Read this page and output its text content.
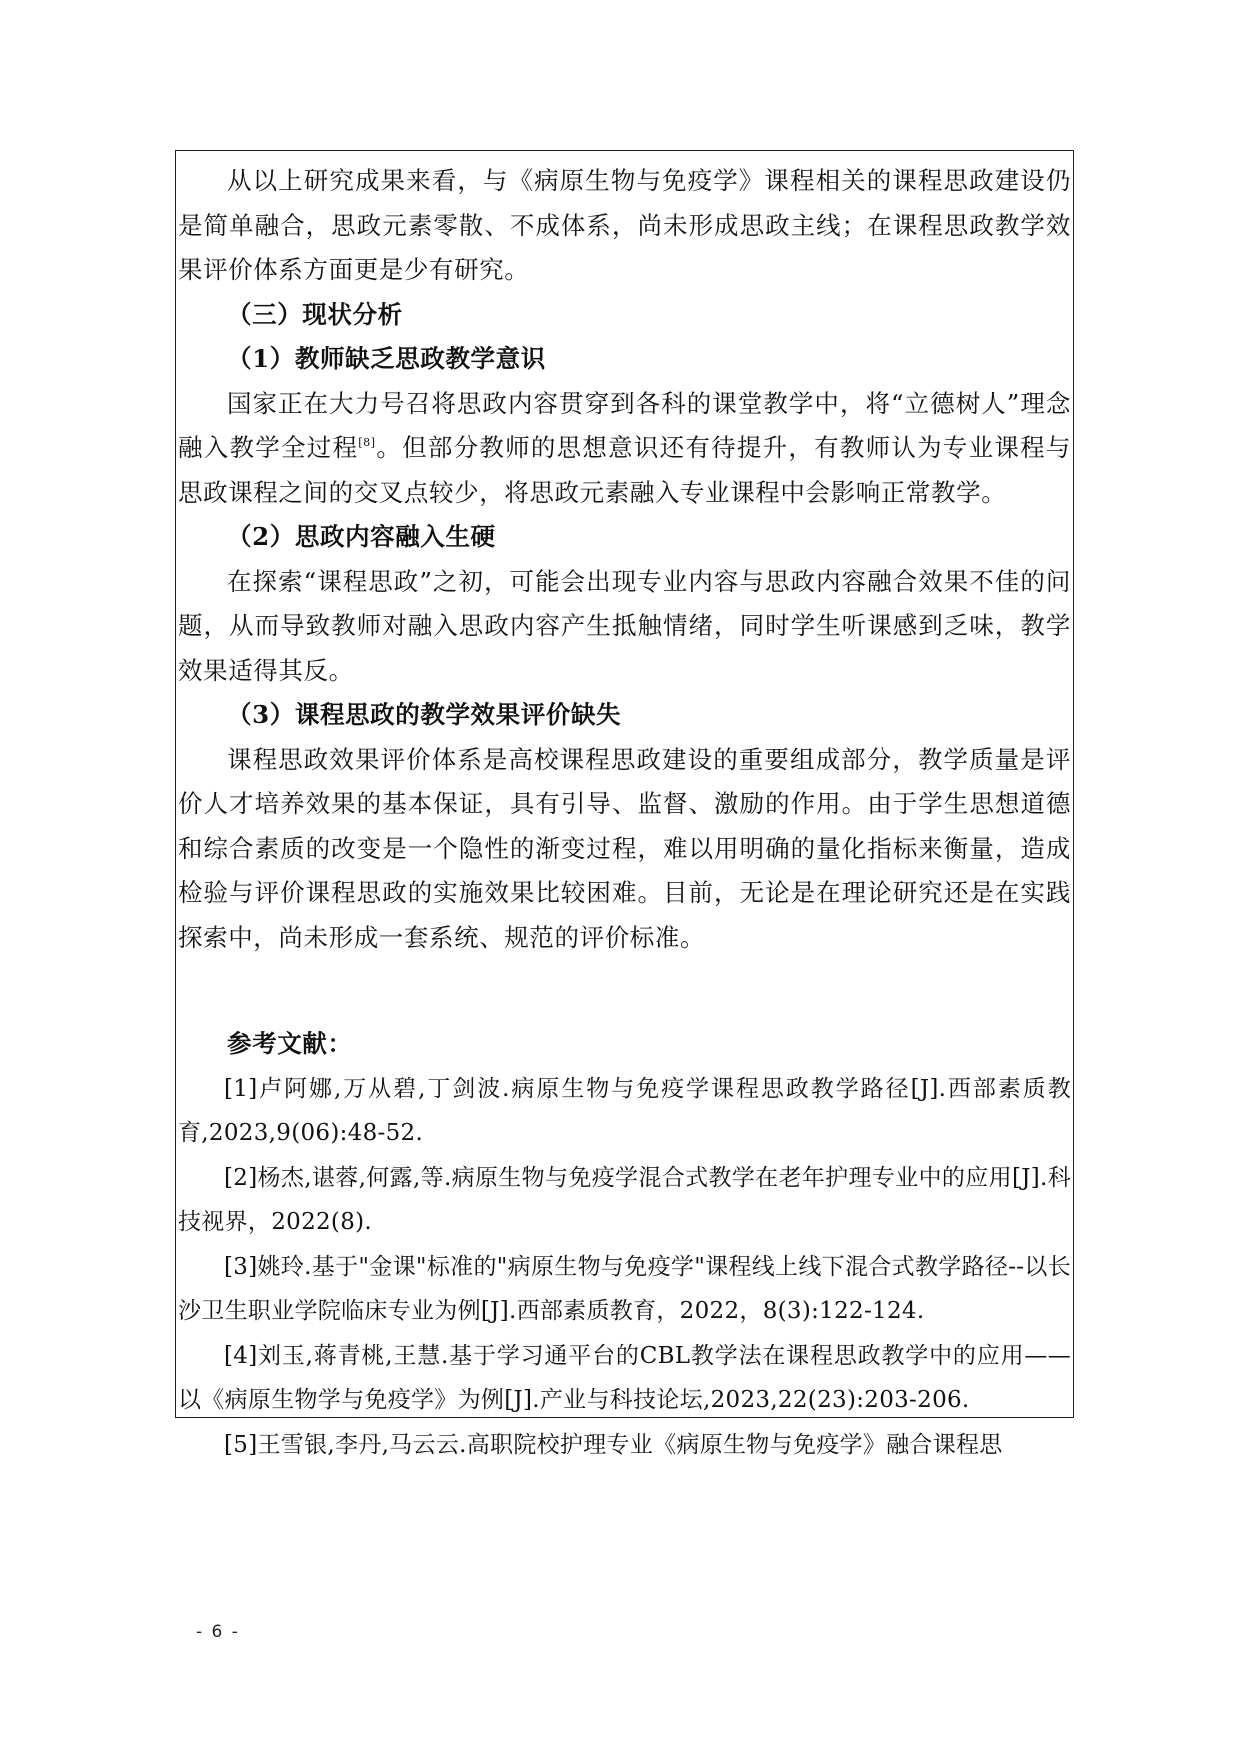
从以上研究成果来看，与《病原生物与免疫学》课程相关的课程思政建设仍是简单融合，思政元素零散、不成体系，尚未形成思政主线；在课程思政教学效果评价体系方面更是少有研究。

（三）现状分析

（1）教师缺乏思政教学意识

国家正在大力号召将思政内容贯穿到各科的课堂教学中，将“立德树人”理念融入教学全过程[8]。但部分教师的思想意识还有待提升，有教师认为专业课程与思政课程之间的交叉点较少，将思政元素融入专业课程中会影响正常教学。

（2）思政内容融入生硬

在探索“课程思政”之初，可能会出现专业内容与思政内容融合效果不佳的问题，从而导致教师对融入思政内容产生抵触情绪，同时学生听课感到乏味，教学效果适得其反。

（3）课程思政的教学效果评价缺失

课程思政效果评价体系是高校课程思政建设的重要组成部分，教学质量是评价人才培养效果的基本保证，具有引导、监督、激励的作用。由于学生思想道德和综合素质的改变是一个隐性的渐变过程，难以用明确的量化指标来衡量，造成检验与评价课程思政的实施效果比较困难。目前，无论是在理论研究还是在实践探索中，尚未形成一套系统、规范的评价标准。

参考文献：

[1]卢阿娜,万从碧,丁剑波.病原生物与免疫学课程思政教学路径[J].西部素质教育,2023,9(06):48-52.

[2]杨杰,谌蓉,何露,等.病原生物与免疫学混合式教学在老年护理专业中的应用[J].科技视界，2022(8).

[3]姚玲.基于"金课"标准的"病原生物与免疫学"课程线上线下混合式教学路径--以长沙卫生职业学院临床专业为例[J].西部素质教育，2022，8(3):122-124.

[4]刘玉,蒋青桃,王慧.基于学习通平台的CBL教学法在课程思政教学中的应用——以《病原生物学与免疫学》为例[J].产业与科技论坛,2023,22(23):203-206.

[5]王雪银,李丹,马云云.高职院校护理专业《病原生物与免疫学》融合课程思

- 6 -
